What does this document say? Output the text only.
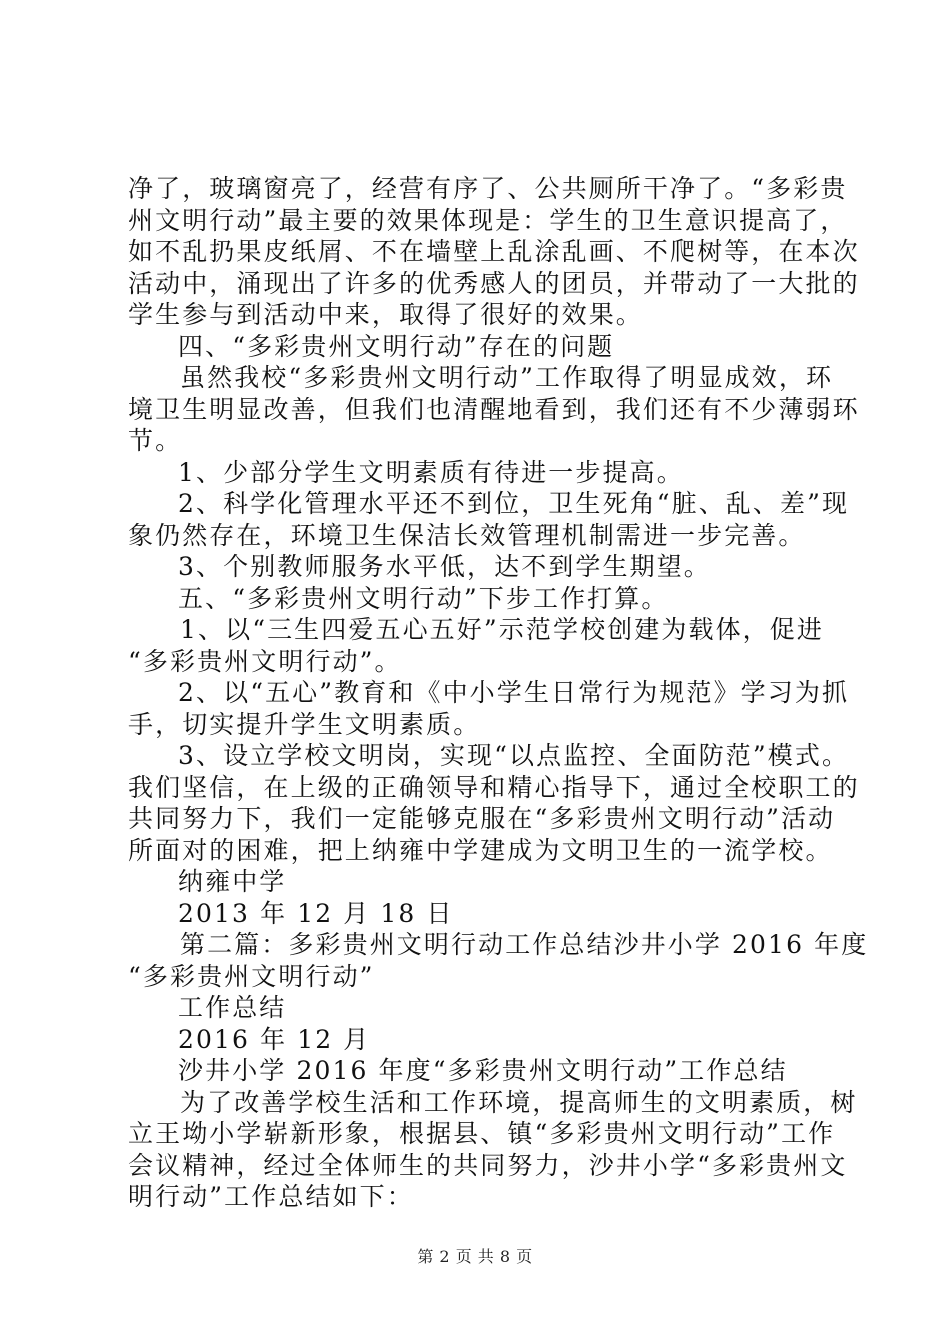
净了，玻璃窗亮了，经营有序了、公共厕所干净了。“多彩贵
州文明行动”最主要的效果体现是：学生的卫生意识提高了，
如不乱扔果皮纸屑、不在墙壁上乱涂乱画、不爬树等，在本次
活动中，涌现出了许多的优秀感人的团员，并带动了一大批的
学生参与到活动中来，取得了很好的效果。
四、“多彩贵州文明行动”存在的问题
虽然我校“多彩贵州文明行动”工作取得了明显成效，环
境卫生明显改善，但我们也清醒地看到，我们还有不少薄弱环
节。
1、少部分学生文明素质有待进一步提高。
2、科学化管理水平还不到位，卫生死角“脏、乱、差”现
象仍然存在，环境卫生保洁长效管理机制需进一步完善。
3、个别教师服务水平低，达不到学生期望。
五、“多彩贵州文明行动”下步工作打算。
1、以“三生四爱五心五好”示范学校创建为载体，促进
“多彩贵州文明行动”。
2、以“五心”教育和《中小学生日常行为规范》学习为抓
手，切实提升学生文明素质。
3、设立学校文明岗，实现“以点监控、全面防范”模式。
我们坚信，在上级的正确领导和精心指导下，通过全校职工的
共同努力下，我们一定能够克服在“多彩贵州文明行动”活动
所面对的困难，把上纳雍中学建成为文明卫生的一流学校。
纳雍中学
2013 年 12 月 18 日
第二篇：多彩贵州文明行动工作总结沙井小学 2016 年度
“多彩贵州文明行动”
工作总结
2016 年 12 月
沙井小学 2016 年度“多彩贵州文明行动”工作总结
为了改善学校生活和工作环境，提高师生的文明素质，树
立王坳小学崭新形象，根据县、镇“多彩贵州文明行动”工作
会议精神，经过全体师生的共同努力，沙井小学“多彩贵州文
明行动”工作总结如下：
第 2 页 共 8 页
